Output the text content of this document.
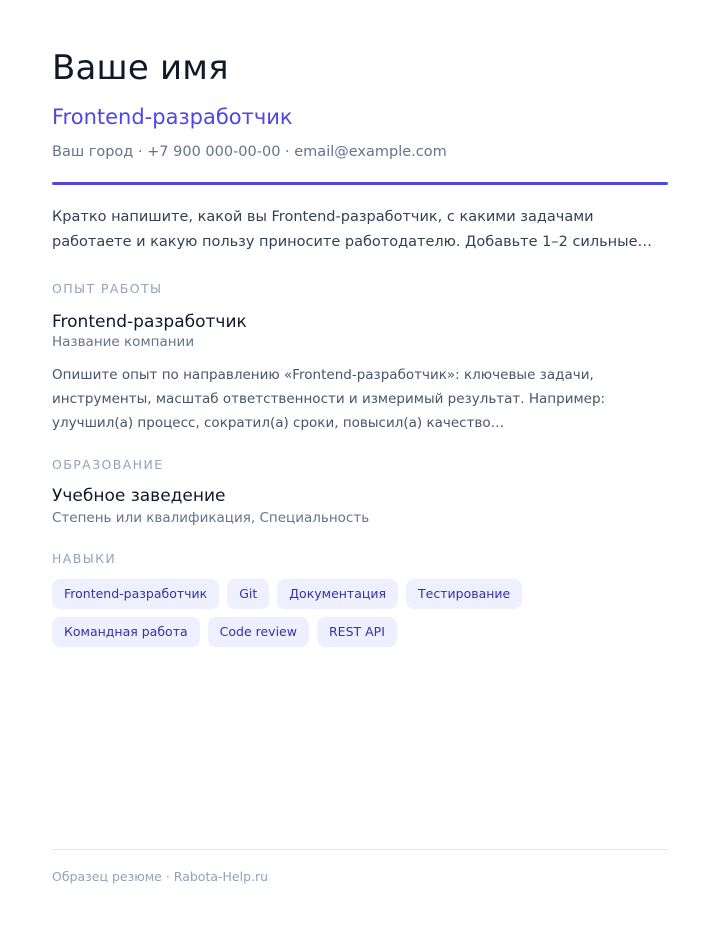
Ваше имя
Frontend-разработчик
Ваш город · +7 900 000-00-00 · email@example.com
Кратко напишите, какой вы Frontend-разработчик, с какими задачами работаете и какую пользу приносите работодателю. Добавьте 1–2 сильные…
ОПЫТ РАБОТЫ
Frontend-разработчик
Название компании
Опишите опыт по направлению «Frontend-разработчик»: ключевые задачи, инструменты, масштаб ответственности и измеримый результат. Например: улучшил(а) процесс, сократил(а) сроки, повысил(а) качество…
ОБРАЗОВАНИЕ
Учебное заведение
Степень или квалификация, Специальность
НАВЫКИ
Frontend-разработчик	Git	Документация	Тестирование
Командная работа	Code review	REST API
Образец резюме · Rabota-Help.ru
